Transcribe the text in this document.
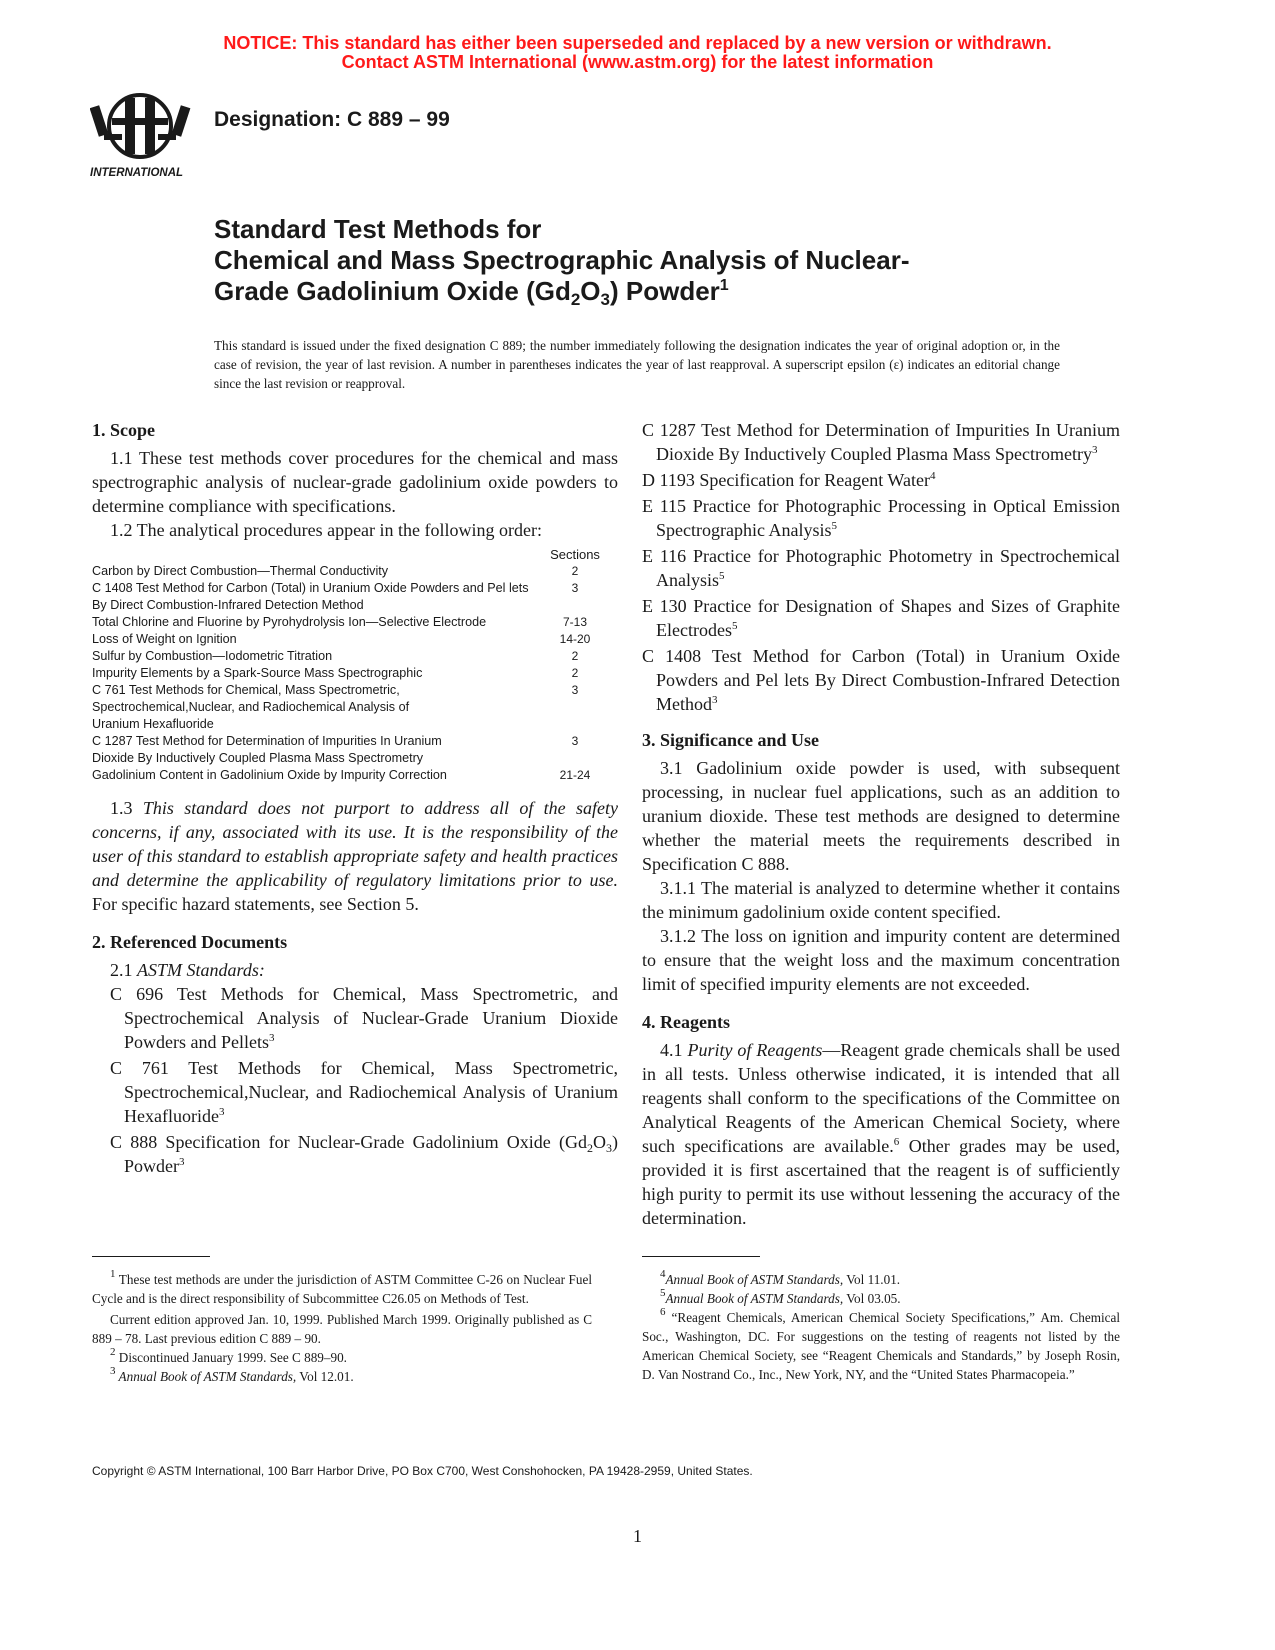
NOTICE: This standard has either been superseded and replaced by a new version or withdrawn.
Contact ASTM International (www.astm.org) for the latest information
INTERNATIONAL
Designation: C 889 – 99
Standard Test Methods for
Chemical and Mass Spectrographic Analysis of Nuclear-
Grade Gadolinium Oxide $(Gd_2O_3)$ Powder$^1$
This standard is issued under the fixed designation C 889; the number immediately following the designation indicates the year of original adoption or, in the case of revision, the year of last revision. A number in parentheses indicates the year of last reapproval. A superscript epsilon (ε) indicates an editorial change since the last revision or reapproval.
1. Scope

1.1 These test methods cover procedures for the chemical and mass spectrographic analysis of nuclear-grade gadolinium oxide powders to determine compliance with specifications.

1.2 The analytical procedures appear in the following order:

	Sections
Carbon by Direct Combustion—Thermal Conductivity	2
C 1408 Test Method for Carbon (Total) in Uranium Oxide Powders and Pel lets By Direct Combustion-Infrared Detection Method	3
Total Chlorine and Fluorine by Pyrohydrolysis Ion—Selective Electrode	7-13
Loss of Weight on Ignition	14-20
Sulfur by Combustion—Iodometric Titration	2
Impurity Elements by a Spark-Source Mass Spectrographic	2
C 761 Test Methods for Chemical, Mass Spectrometric, Spectrochemical,Nuclear, and Radiochemical Analysis of Uranium Hexafluoride	3
C 1287 Test Method for Determination of Impurities In Uranium Dioxide By Inductively Coupled Plasma Mass Spectrometry	3
Gadolinium Content in Gadolinium Oxide by Impurity Correction	21-24

1.3 This standard does not purport to address all of the safety concerns, if any, associated with its use. It is the responsibility of the user of this standard to establish appropriate safety and health practices and determine the applicability of regulatory limitations prior to use. For specific hazard statements, see Section 5.

2. Referenced Documents

2.1 ASTM Standards:

C 696 Test Methods for Chemical, Mass Spectrometric, and Spectrochemical Analysis of Nuclear-Grade Uranium Dioxide Powders and Pellets$^3$

C 761 Test Methods for Chemical, Mass Spectrometric, Spectrochemical,Nuclear, and Radiochemical Analysis of Uranium Hexafluoride$^3$

C 888 Specification for Nuclear-Grade Gadolinium Oxide $(Gd_2O_3)$ Powder$^3$

C 1287 Test Method for Determination of Impurities In Uranium Dioxide By Inductively Coupled Plasma Mass Spectrometry$^3$

D 1193 Specification for Reagent Water$^4$

E 115 Practice for Photographic Processing in Optical Emission Spectrographic Analysis$^5$

E 116 Practice for Photographic Photometry in Spectrochemical Analysis$^5$

E 130 Practice for Designation of Shapes and Sizes of Graphite Electrodes$^5$

C 1408 Test Method for Carbon (Total) in Uranium Oxide Powders and Pel lets By Direct Combustion-Infrared Detection Method$^3$

3. Significance and Use

3.1 Gadolinium oxide powder is used, with subsequent processing, in nuclear fuel applications, such as an addition to uranium dioxide. These test methods are designed to determine whether the material meets the requirements described in Specification C 888.

3.1.1 The material is analyzed to determine whether it contains the minimum gadolinium oxide content specified.

3.1.2 The loss on ignition and impurity content are determined to ensure that the weight loss and the maximum concentration limit of specified impurity elements are not exceeded.

4. Reagents

4.1 Purity of Reagents—Reagent grade chemicals shall be used in all tests. Unless otherwise indicated, it is intended that all reagents shall conform to the specifications of the Committee on Analytical Reagents of the American Chemical Society, where such specifications are available.$^6$ Other grades may be used, provided it is first ascertained that the reagent is of sufficiently high purity to permit its use without lessening the accuracy of the determination.

$^1$ These test methods are under the jurisdiction of ASTM Committee C-26 on Nuclear Fuel Cycle and is the direct responsibility of Subcommittee C26.05 on Methods of Test.

Current edition approved Jan. 10, 1999. Published March 1999. Originally published as C 889 – 78. Last previous edition C 889 – 90.

$^2$ Discontinued January 1999. See C 889–90.

$^3$ Annual Book of ASTM Standards, Vol 12.01.

$^4$Annual Book of ASTM Standards, Vol 11.01.

$^5$Annual Book of ASTM Standards, Vol 03.05.

$^6$ “Reagent Chemicals, American Chemical Society Specifications,” Am. Chemical Soc., Washington, DC. For suggestions on the testing of reagents not listed by the American Chemical Society, see “Reagent Chemicals and Standards,” by Joseph Rosin, D. Van Nostrand Co., Inc., New York, NY, and the “United States Pharmacopeia.”

Copyright © ASTM International, 100 Barr Harbor Drive, PO Box C700, West Conshohocken, PA 19428-2959, United States.
1
